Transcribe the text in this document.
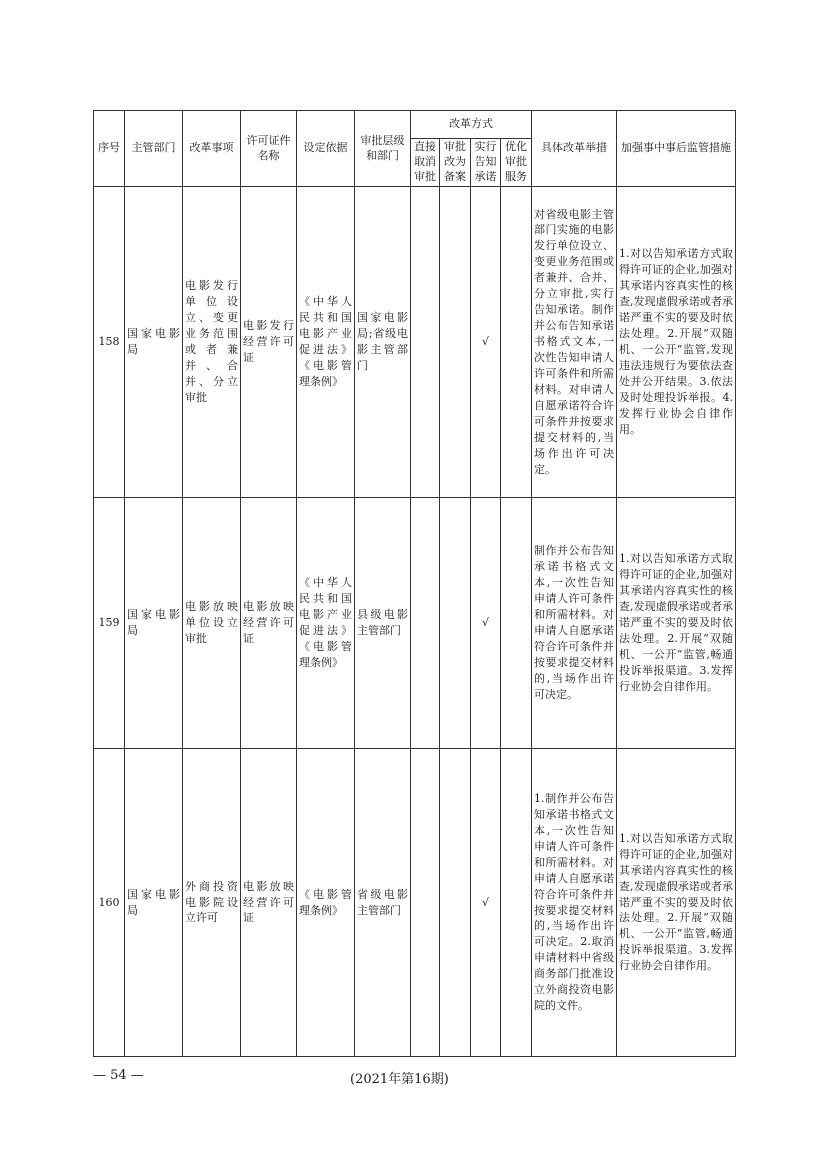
序号	主管部门	改革事项	许可证件名称	设定依据	审批层级和部门	改革方式				具体改革举措	加强事中事后监管措施
						直接取消审批	审批改为备案	实行告知承诺	优化审批服务		
158	国家电影局	电影发行单位设立、变更业务范围或者兼并、合并、分立审批	电影发行经营许可证	《中华人民共和国电影产业促进法》《电影管理条例》	国家电影局;省级电影主管部门			√		对省级电影主管部门实施的电影发行单位设立、变更业务范围或者兼并、合并、分立审批,实行告知承诺。制作并公布告知承诺书格式文本,一次性告知申请人许可条件和所需材料。对申请人自愿承诺符合许可条件并按要求提交材料的,当场作出许可决定。	1.对以告知承诺方式取得许可证的企业,加强对其承诺内容真实性的核查,发现虚假承诺或者承诺严重不实的要及时依法处理。2.开展“双随机、一公开”监管,发现违法违规行为要依法查处并公开结果。3.依法及时处理投诉举报。4.发挥行业协会自律作用。
159	国家电影局	电影放映单位设立审批	电影放映经营许可证	《中华人民共和国电影产业促进法》《电影管理条例》	县级电影主管部门			√		制作并公布告知承诺书格式文本,一次性告知申请人许可条件和所需材料。对申请人自愿承诺符合许可条件并按要求提交材料的,当场作出许可决定。	1.对以告知承诺方式取得许可证的企业,加强对其承诺内容真实性的核查,发现虚假承诺或者承诺严重不实的要及时依法处理。2.开展“双随机、一公开”监管,畅通投诉举报渠道。3.发挥行业协会自律作用。
160	国家电影局	外商投资电影院设立许可	电影放映经营许可证	《电影管理条例》	省级电影主管部门			√		1.制作并公布告知承诺书格式文本,一次性告知申请人许可条件和所需材料。对申请人自愿承诺符合许可条件并按要求提交材料的,当场作出许可决定。2.取消申请材料中省级商务部门批准设立外商投资电影院的文件。	1.对以告知承诺方式取得许可证的企业,加强对其承诺内容真实性的核查,发现虚假承诺或者承诺严重不实的要及时依法处理。2.开展“双随机、一公开”监管,畅通投诉举报渠道。3.发挥行业协会自律作用。
— 54 —	(2021年第16期)
